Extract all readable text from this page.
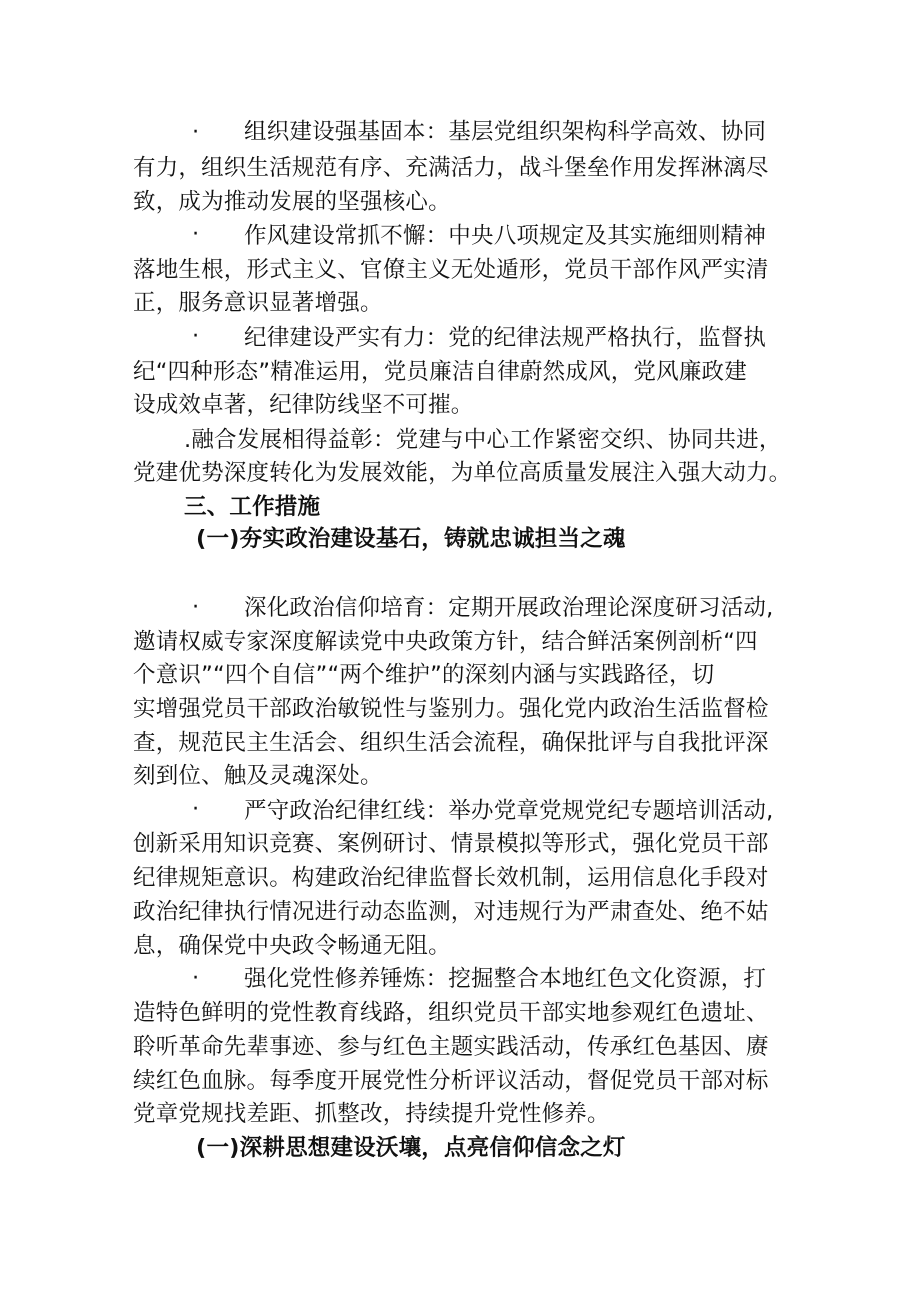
· 组织建设强基固本：基层党组织架构科学高效、协同
有力，组织生活规范有序、充满活力，战斗堡垒作用发挥淋漓尽
致，成为推动发展的坚强核心。
· 作风建设常抓不懈：中央八项规定及其实施细则精神
落地生根，形式主义、官僚主义无处遁形，党员干部作风严实清
正，服务意识显著增强。
· 纪律建设严实有力：党的纪律法规严格执行，监督执
纪“四种形态”精准运用，党员廉洁自律蔚然成风，党风廉政建
设成效卓著，纪律防线坚不可摧。
.融合发展相得益彰：党建与中心工作紧密交织、协同共进，
党建优势深度转化为发展效能，为单位高质量发展注入强大动力。
三、工作措施
(一)夯实政治建设基石，铸就忠诚担当之魂
· 深化政治信仰培育：定期开展政治理论深度研习活动,
邀请权威专家深度解读党中央政策方针，结合鲜活案例剖析“四
个意识”“四个自信”“两个维护”的深刻内涵与实践路径，切
实增强党员干部政治敏锐性与鉴别力。强化党内政治生活监督检
查，规范民主生活会、组织生活会流程，确保批评与自我批评深
刻到位、触及灵魂深处。
· 严守政治纪律红线：举办党章党规党纪专题培训活动,
创新采用知识竞赛、案例研讨、情景模拟等形式，强化党员干部
纪律规矩意识。构建政治纪律监督长效机制，运用信息化手段对
政治纪律执行情况进行动态监测，对违规行为严肃查处、绝不姑
息，确保党中央政令畅通无阻。
· 强化党性修养锤炼：挖掘整合本地红色文化资源，打
造特色鲜明的党性教育线路，组织党员干部实地参观红色遗址、
聆听革命先辈事迹、参与红色主题实践活动，传承红色基因、赓
续红色血脉。每季度开展党性分析评议活动，督促党员干部对标
党章党规找差距、抓整改，持续提升党性修养。
(一)深耕思想建设沃壤，点亮信仰信念之灯
